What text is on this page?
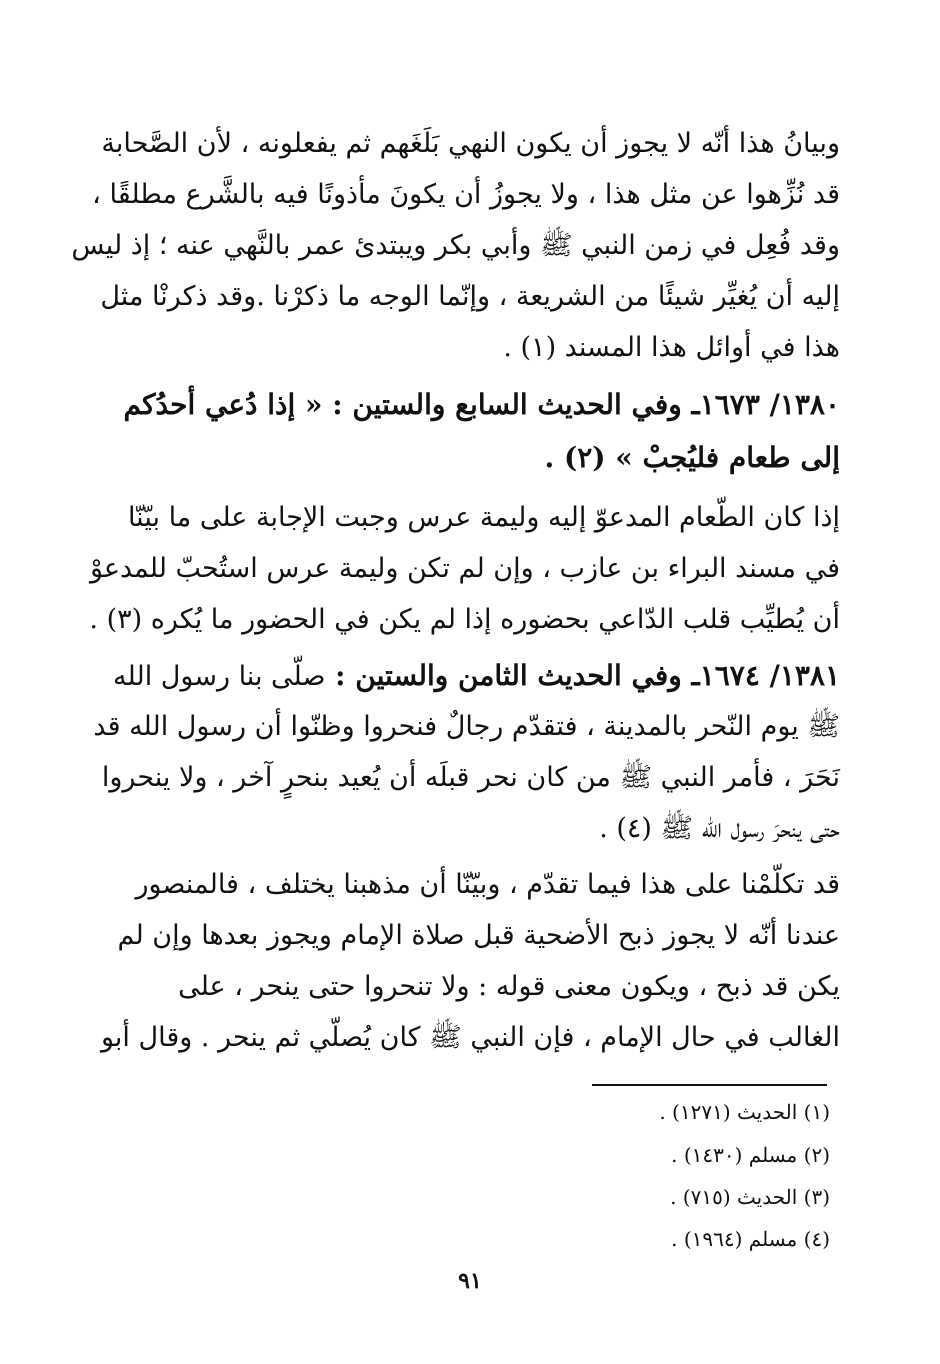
وبيانُ هذا أنّه لا يجوز أن يكون النهي بَلَغَهم ثم يفعلونه ، لأن الصَّحابة
قد نُزِّهوا عن مثل هذا ، ولا يجوزُ أن يكونَ مأذونًا فيه بالشَّرع مطلقًا ،
وقد فُعِل في زمن النبي ﷺ وأبي بكر ويبتدئ عمر بالنَّهي عنه ؛ إذ ليس
إليه أن يُغيِّر شيئًا من الشريعة ، وإنّما الوجه ما ذكرْنا .وقد ذكرنْا مثل
هذا في أوائل هذا المسند (١) .
١٣٨٠/ ١٦٧٣ـ وفي الحديث السابع والستين : « إذا دُعي أحدُكم
إلى طعام فليُجبْ » (٢) .
إذا كان الطّعام المدعوّ إليه وليمة عرس وجبت الإجابة على ما بيّنّا
في مسند البراء بن عازب ، وإن لم تكن وليمة عرس استُحبّ للمدعوْ
أن يُطيِّب قلب الدّاعي بحضوره إذا لم يكن في الحضور ما يُكره (٣) .
١٣٨١/ ١٦٧٤ـ وفي الحديث الثامن والستين : صلّى بنا رسول الله
ﷺ يوم النّحر بالمدينة ، فتقدّم رجالٌ فنحروا وظنّوا أن رسول الله قد
نَحَرَ ، فأمر النبي ﷺ من كان نحر قبلَه أن يُعيد بنحرٍ آخر ، ولا ينحروا
حتى ينحرَ رسول الله ﷺ (٤) .
قد تكلّمْنا على هذا فيما تقدّم ، وبيّنّا أن مذهبنا يختلف ، فالمنصور
عندنا أنّه لا يجوز ذبح الأضحية قبل صلاة الإمام ويجوز بعدها وإن لم
يكن قد ذبح ، ويكون معنى قوله : ولا تنحروا حتى ينحر ، على
الغالب في حال الإمام ، فإن النبي ﷺ كان يُصلّي ثم ينحر . وقال أبو
(١) الحديث (١٢٧١) .
(٢) مسلم (١٤٣٠) .
(٣) الحديث (٧١٥) .
(٤) مسلم (١٩٦٤) .
٩١
